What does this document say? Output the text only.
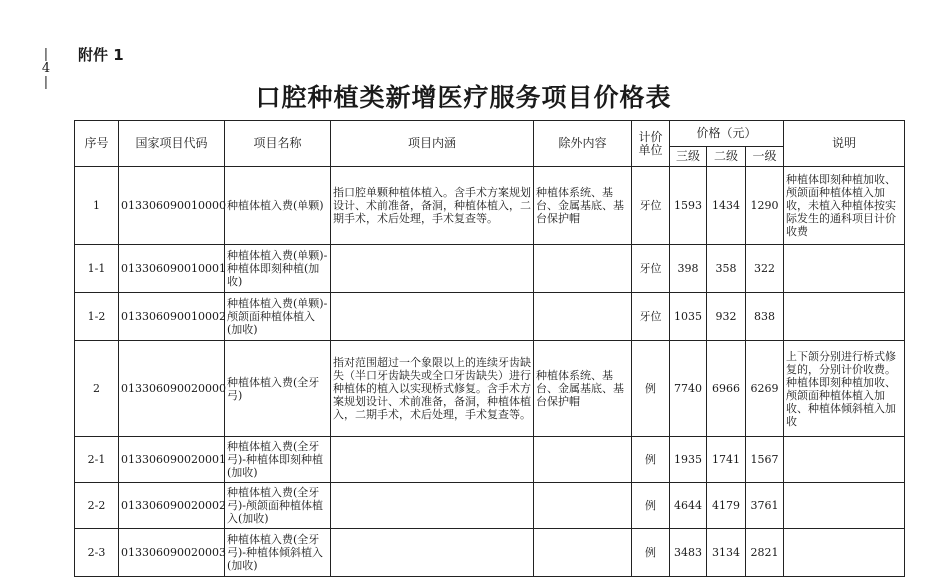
|
4
|
附件 1
口腔种植类新增医疗服务项目价格表
序号	国家项目代码	项目名称	项目内涵	除外内容	计价单位	价格（元）			说明
						三级	二级	一级	
1	013306090010000	种植体植入费(单颗)	指口腔单颗种植体植入。含手术方案规划设计、术前准备，备洞，种植体植入，二期手术，术后处理，手术复查等。	种植体系统、基台、金属基底、基台保护帽	牙位	1593	1434	1290	种植体即刻种植加收、颅颌面种植体植入加收，未植入种植体按实际发生的通科项目计价收费
1-1	013306090010001	种植体植入费(单颗)-种植体即刻种植(加收)			牙位	398	358	322	
1-2	013306090010002	种植体植入费(单颗)-颅颌面种植体植入(加收)			牙位	1035	932	838	
2	013306090020000	种植体植入费(全牙弓)	指对范围超过一个象限以上的连续牙齿缺失（半口牙齿缺失或全口牙齿缺失）进行种植体的植入以实现桥式修复。含手术方案规划设计、术前准备，备洞，种植体植入，二期手术，术后处理，手术复查等。	种植体系统、基台、金属基底、基台保护帽	例	7740	6966	6269	上下颌分别进行桥式修复的，分别计价收费。种植体即刻种植加收、颅颌面种植体植入加收、种植体倾斜植入加收
2-1	013306090020001	种植体植入费(全牙弓)-种植体即刻种植(加收)			例	1935	1741	1567	
2-2	013306090020002	种植体植入费(全牙弓)-颅颌面种植体植入(加收)			例	4644	4179	3761	
2-3	013306090020003	种植体植入费(全牙弓)-种植体倾斜植入(加收)			例	3483	3134	2821	
